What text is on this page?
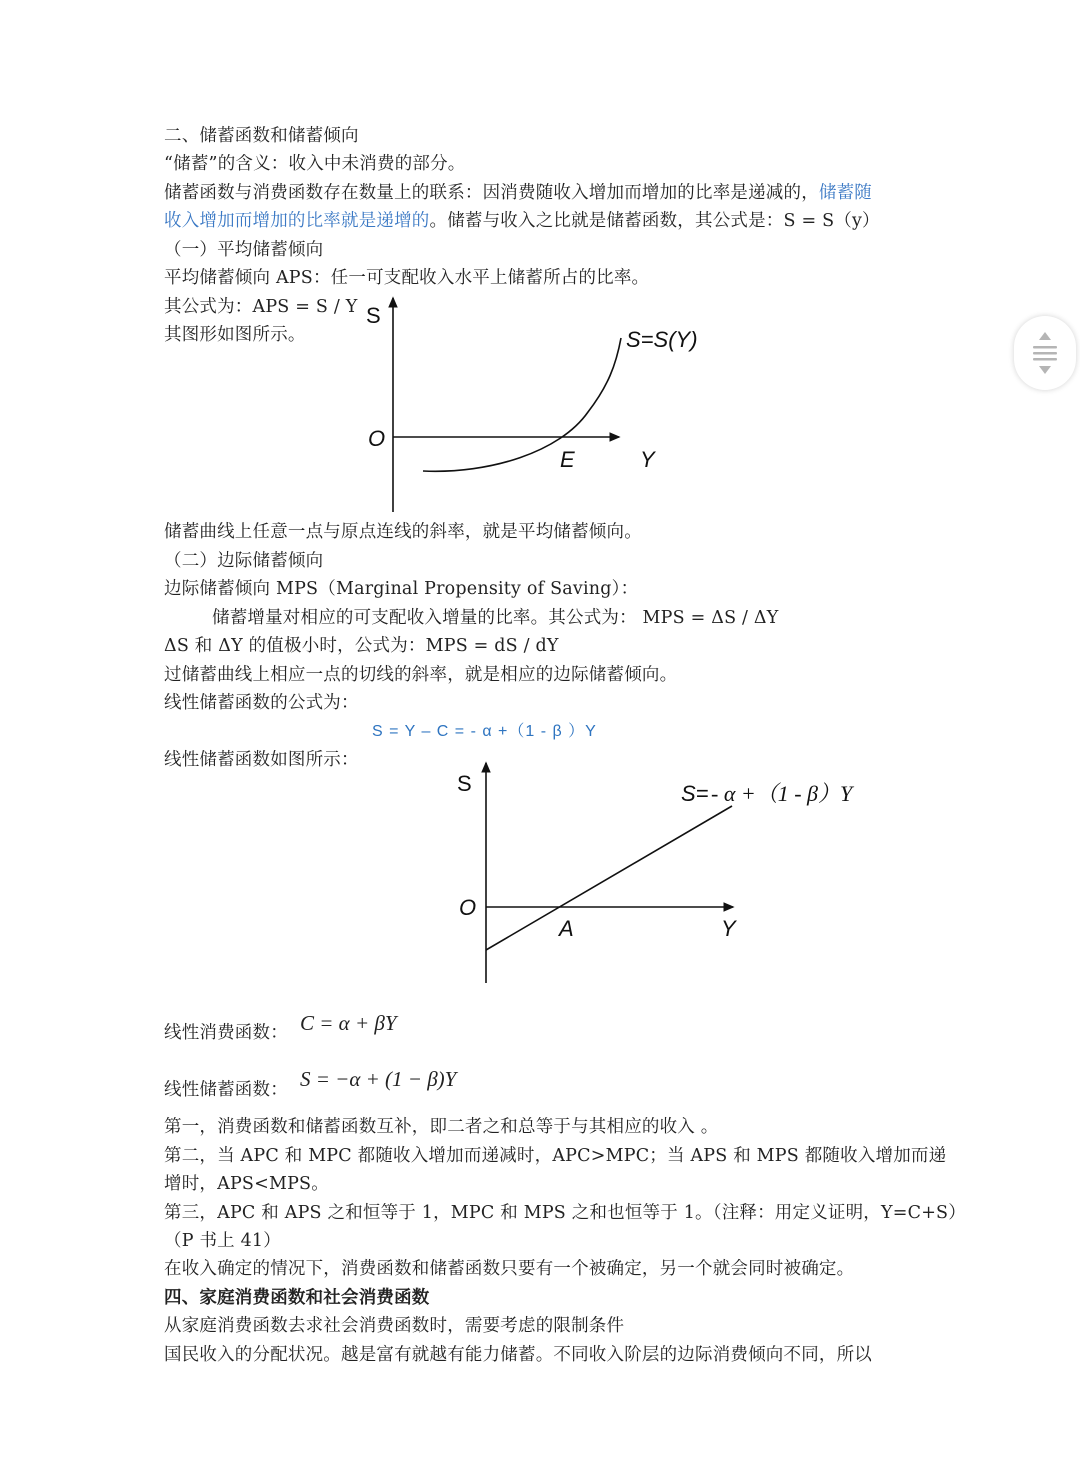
二、储蓄函数和储蓄倾向
“储蓄”的含义：收入中未消费的部分。
储蓄函数与消费函数存在数量上的联系：因消费随收入增加而增加的比率是递减的，储蓄随
收入增加而增加的比率就是递增的。储蓄与收入之比就是储蓄函数，其公式是：S = S（y）
（一）平均储蓄倾向
平均储蓄倾向 APS：任一可支配收入水平上储蓄所占的比率。
其公式为：APS = S / Y
其图形如图所示。
储蓄曲线上任意一点与原点连线的斜率，就是平均储蓄倾向。
（二）边际储蓄倾向
边际储蓄倾向 MPS（Marginal Propensity of Saving）：
储蓄增量对相应的可支配收入增量的比率。其公式为： MPS = ΔS / ΔY
ΔS 和 ΔY 的值极小时，公式为：MPS = dS / dY
过储蓄曲线上相应一点的切线的斜率，就是相应的边际储蓄倾向。
线性储蓄函数的公式为：
S = Y – C = - α +（1 - β ）Y
线性储蓄函数如图所示：
线性消费函数： C = α + βY
线性储蓄函数： S = −α + (1 − β)Y
第一，消费函数和储蓄函数互补，即二者之和总等于与其相应的收入 。
第二，当 APC 和 MPC 都随收入增加而递减时，APC>MPC；当 APS 和 MPS 都随收入增加而递
增时，APS<MPS。
第三，APC 和 APS 之和恒等于 1，MPC 和 MPS 之和也恒等于 1。（注释：用定义证明，Y=C+S）
（P 书上 41）
在收入确定的情况下，消费函数和储蓄函数只要有一个被确定，另一个就会同时被确定。
四、家庭消费函数和社会消费函数
从家庭消费函数去求社会消费函数时，需要考虑的限制条件
国民收入的分配状况。越是富有就越有能力储蓄。不同收入阶层的边际消费倾向不同，所以
S
O
E	Y
S=S(Y)
S
O
A	Y
S= - α +（1 - β）Y
